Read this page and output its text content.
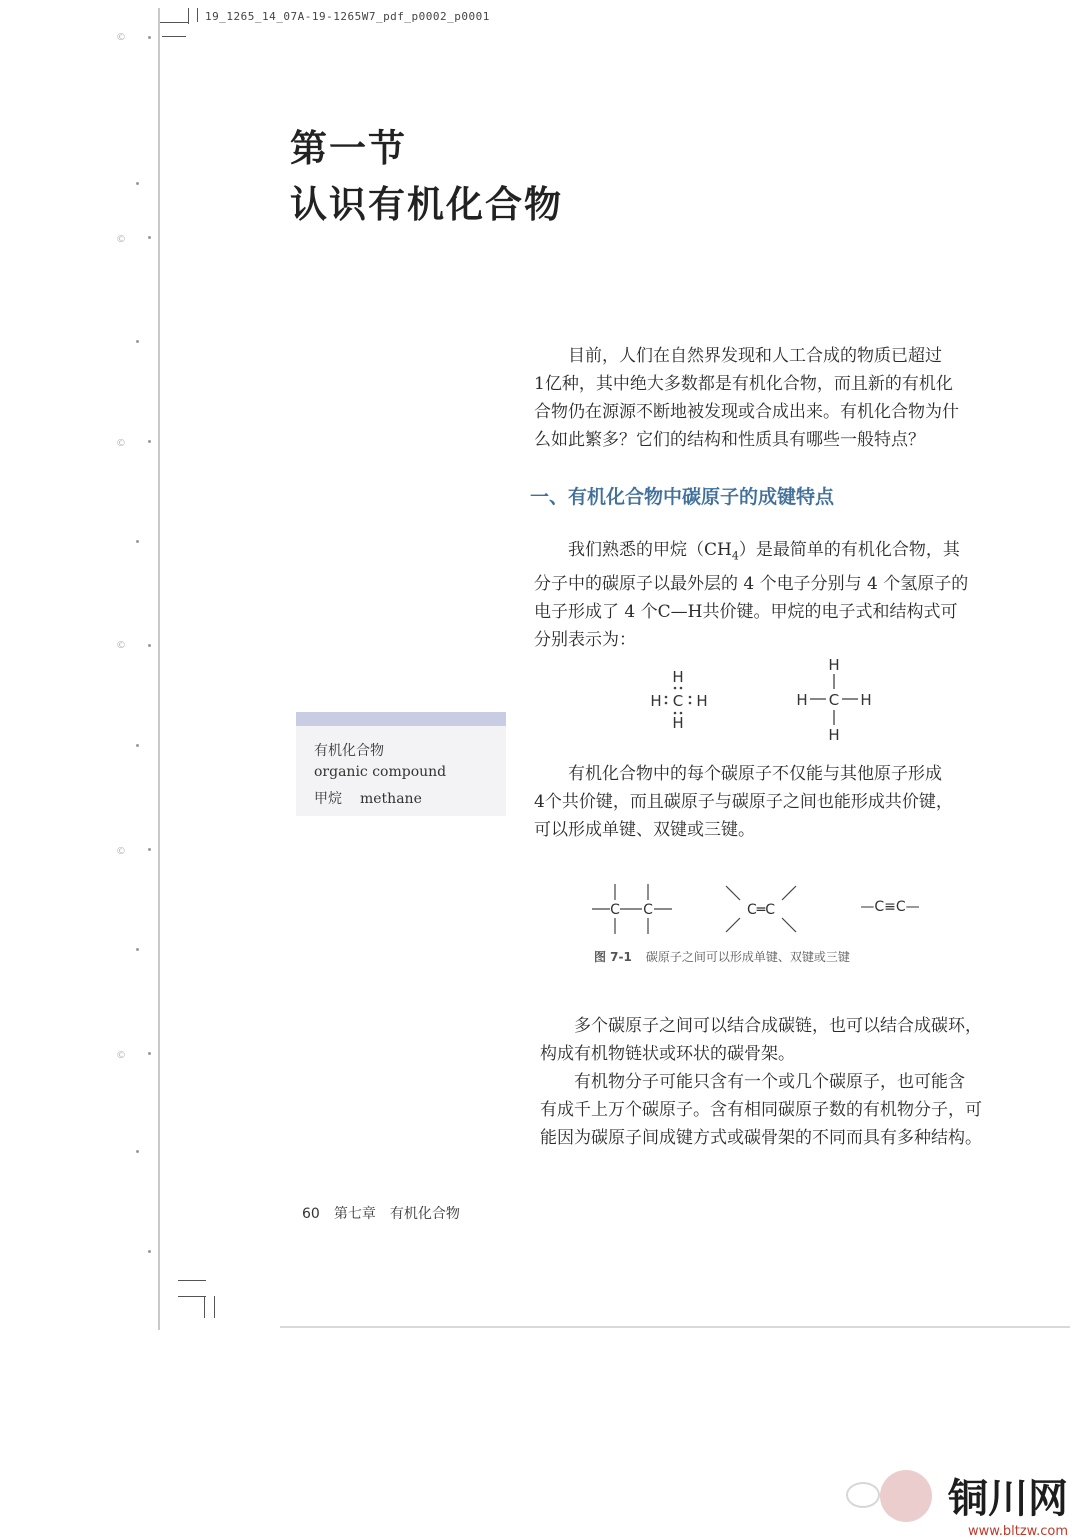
©
©
©
©
©
©
19_1265_14_07A-19-1265W7_pdf_p0002_p0001
第一节
认识有机化合物

目前，人们在自然界发现和人工合成的物质已超过

1亿种，其中绝大多数都是有机化合物，而且新的有机化

合物仍在源源不断地被发现或合成出来。有机化合物为什

么如此繁多？它们的结构和性质具有哪些一般特点？

一、有机化合物中碳原子的成键特点

我们熟悉的甲烷$(CH_4)$是最简单的有机化合物，其

分子中的碳原子以最外层的 4 个电子分别与 4 个氢原子的

电子形成了 4 个C—H共价键。甲烷的电子式和结构式可

分别表示为：

H
H C H
H
H
H C H
H
有机化合物
organic compound
甲烷 methane

有机化合物中的每个碳原子不仅能与其他原子形成

4个共价键，而且碳原子与碳原子之间也能形成共价键，

可以形成单键、双键或三键。

C C	C═C	—C≡C—
图 7-1 碳原子之间可以形成单键、双键或三键

多个碳原子之间可以结合成碳链，也可以结合成碳环，

构成有机物链状或环状的碳骨架。

有机物分子可能只含有一个或几个碳原子，也可能含

有成千上万个碳原子。含有相同碳原子数的有机物分子，可

能因为碳原子间成键方式或碳骨架的不同而具有多种结构。

60 第七章 有机化合物
铜川网
www.bltzw.com
